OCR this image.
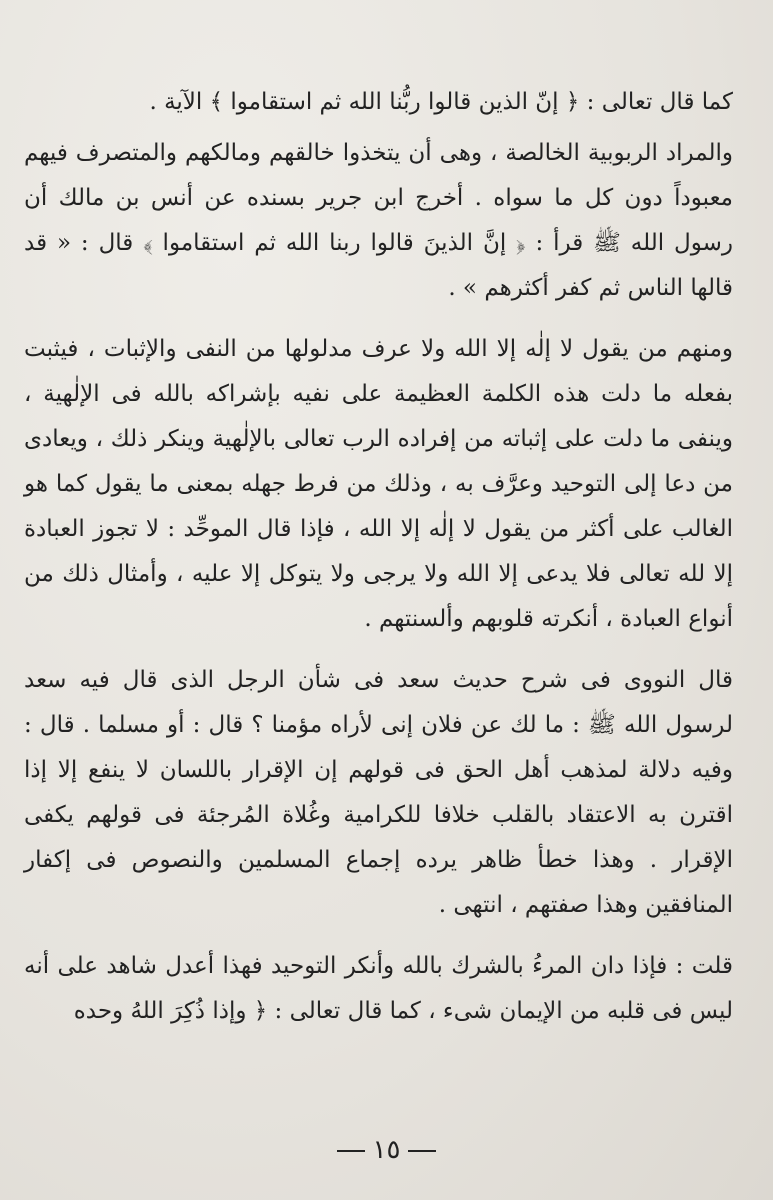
كما قال تعالى : ﴿ إنّ الذين قالوا ربُّنا الله ثم استقاموا ﴾ الآية .

والمراد الربوبية الخالصة ، وهى أن يتخذوا خالقهم ومالكهم والمتصرف فيهم معبوداً دون كل ما سواه . أخرج ابن جرير بسنده عن أنس بن مالك أن رسول الله ﷺ قرأ : ﴿ إنَّ الذينَ قالوا ربنا الله ثم استقاموا ﴾ قال : « قد قالها الناس ثم كفر أكثرهم » .

ومنهم من يقول لا إلٰه إلا الله ولا عرف مدلولها من النفى والإثبات ، فيثبت بفعله ما دلت هذه الكلمة العظيمة على نفيه بإشراكه بالله فى الإلٰهية ، وينفى ما دلت على إثباته من إفراده الرب تعالى بالإلٰهية وينكر ذلك ، ويعادى من دعا إلى التوحيد وعرَّف به ، وذلك من فرط جهله بمعنى ما يقول كما هو الغالب على أكثر من يقول لا إلٰه إلا الله ، فإذا قال الموحِّد : لا تجوز العبادة إلا لله تعالى فلا يدعى إلا الله ولا يرجى ولا يتوكل إلا عليه ، وأمثال ذلك من أنواع العبادة ، أنكرته قلوبهم وألسنتهم .

قال النووى فى شرح حديث سعد فى شأن الرجل الذى قال فيه سعد لرسول الله ﷺ : ما لك عن فلان إنى لأراه مؤمنا ؟ قال : أو مسلما . قال : وفيه دلالة لمذهب أهل الحق فى قولهم إن الإقرار باللسان لا ينفع إلا إذا اقترن به الاعتقاد بالقلب خلافا للكرامية وغُلاة المُرجئة فى قولهم يكفى الإقرار . وهذا خطأ ظاهر يرده إجماع المسلمين والنصوص فى إكفار المنافقين وهذا صفتهم ، انتهى .

قلت : فإذا دان المرءُ بالشرك بالله وأنكر التوحيد فهذا أعدل شاهد على أنه ليس فى قلبه من الإيمان شىء ، كما قال تعالى : ﴿ وإذا ذُكِرَ اللهُ وحده

١٥
